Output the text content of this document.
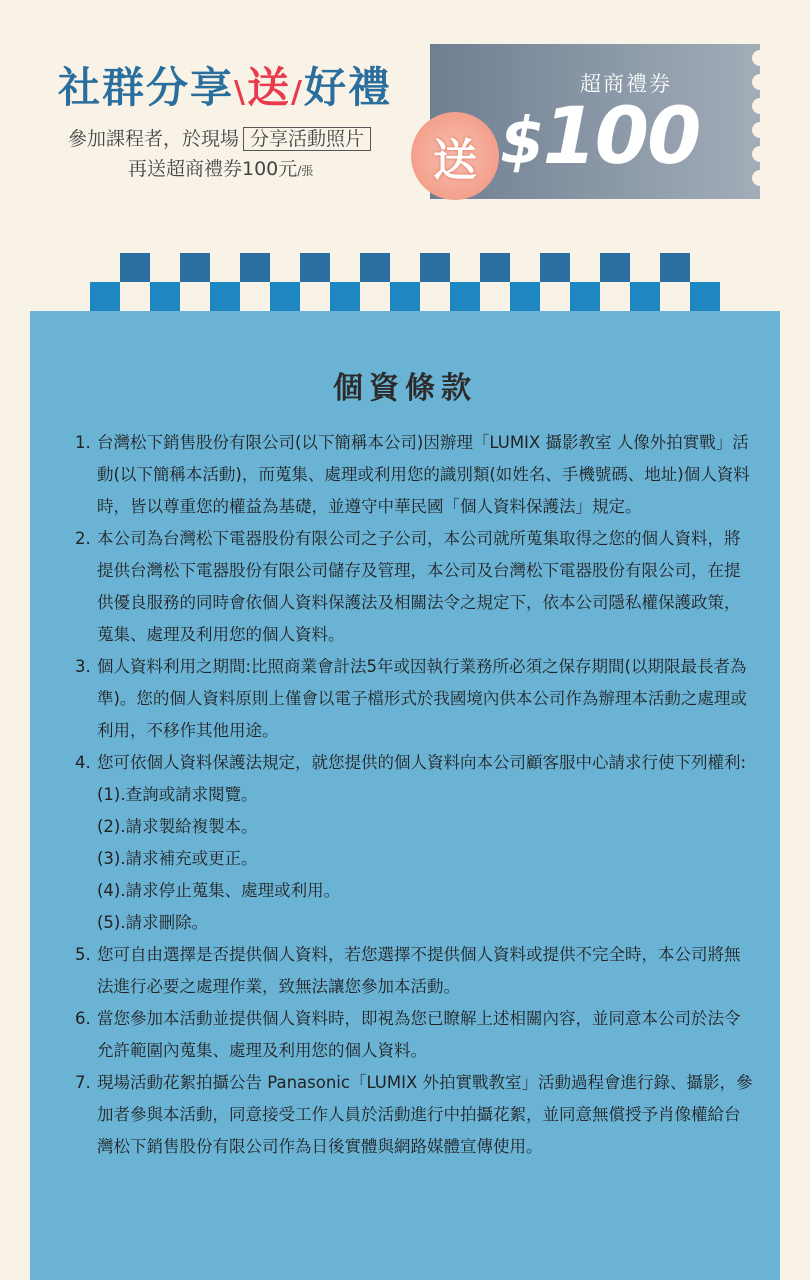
社群分享\送/好禮
參加課程者，於現場 分享活動照片
再送超商禮券100元/張
超商禮券
$100
送
個資條款
1. 台灣松下銷售股份有限公司(以下簡稱本公司)因辦理「LUMIX 攝影教室 人像外拍實戰」活動(以下簡稱本活動)，而蒐集、處理或利用您的識別類(如姓名、手機號碼、地址)個人資料時，皆以尊重您的權益為基礎，並遵守中華民國「個人資料保護法」規定。
2. 本公司為台灣松下電器股份有限公司之子公司，本公司就所蒐集取得之您的個人資料，將提供台灣松下電器股份有限公司儲存及管理，本公司及台灣松下電器股份有限公司，在提供優良服務的同時會依個人資料保護法及相關法令之規定下，依本公司隱私權保護政策，蒐集、處理及利用您的個人資料。
3. 個人資料利用之期間:比照商業會計法5年或因執行業務所必須之保存期間(以期限最長者為準)。您的個人資料原則上僅會以電子檔形式於我國境內供本公司作為辦理本活動之處理或利用，不移作其他用途。
4. 您可依個人資料保護法規定，就您提供的個人資料向本公司顧客服中心請求行使下列權利:
(1).查詢或請求閱覽。
(2).請求製給複製本。
(3).請求補充或更正。
(4).請求停止蒐集、處理或利用。
(5).請求刪除。
5. 您可自由選擇是否提供個人資料，若您選擇不提供個人資料或提供不完全時，本公司將無法進行必要之處理作業，致無法讓您參加本活動。
6. 當您參加本活動並提供個人資料時，即視為您已瞭解上述相關內容，並同意本公司於法令允許範圍內蒐集、處理及利用您的個人資料。
7. 現場活動花絮拍攝公告 Panasonic「LUMIX 外拍實戰教室」活動過程會進行錄、攝影，參加者參與本活動，同意接受工作人員於活動進行中拍攝花絮，並同意無償授予肖像權給台灣松下銷售股份有限公司作為日後實體與網路媒體宣傳使用。
